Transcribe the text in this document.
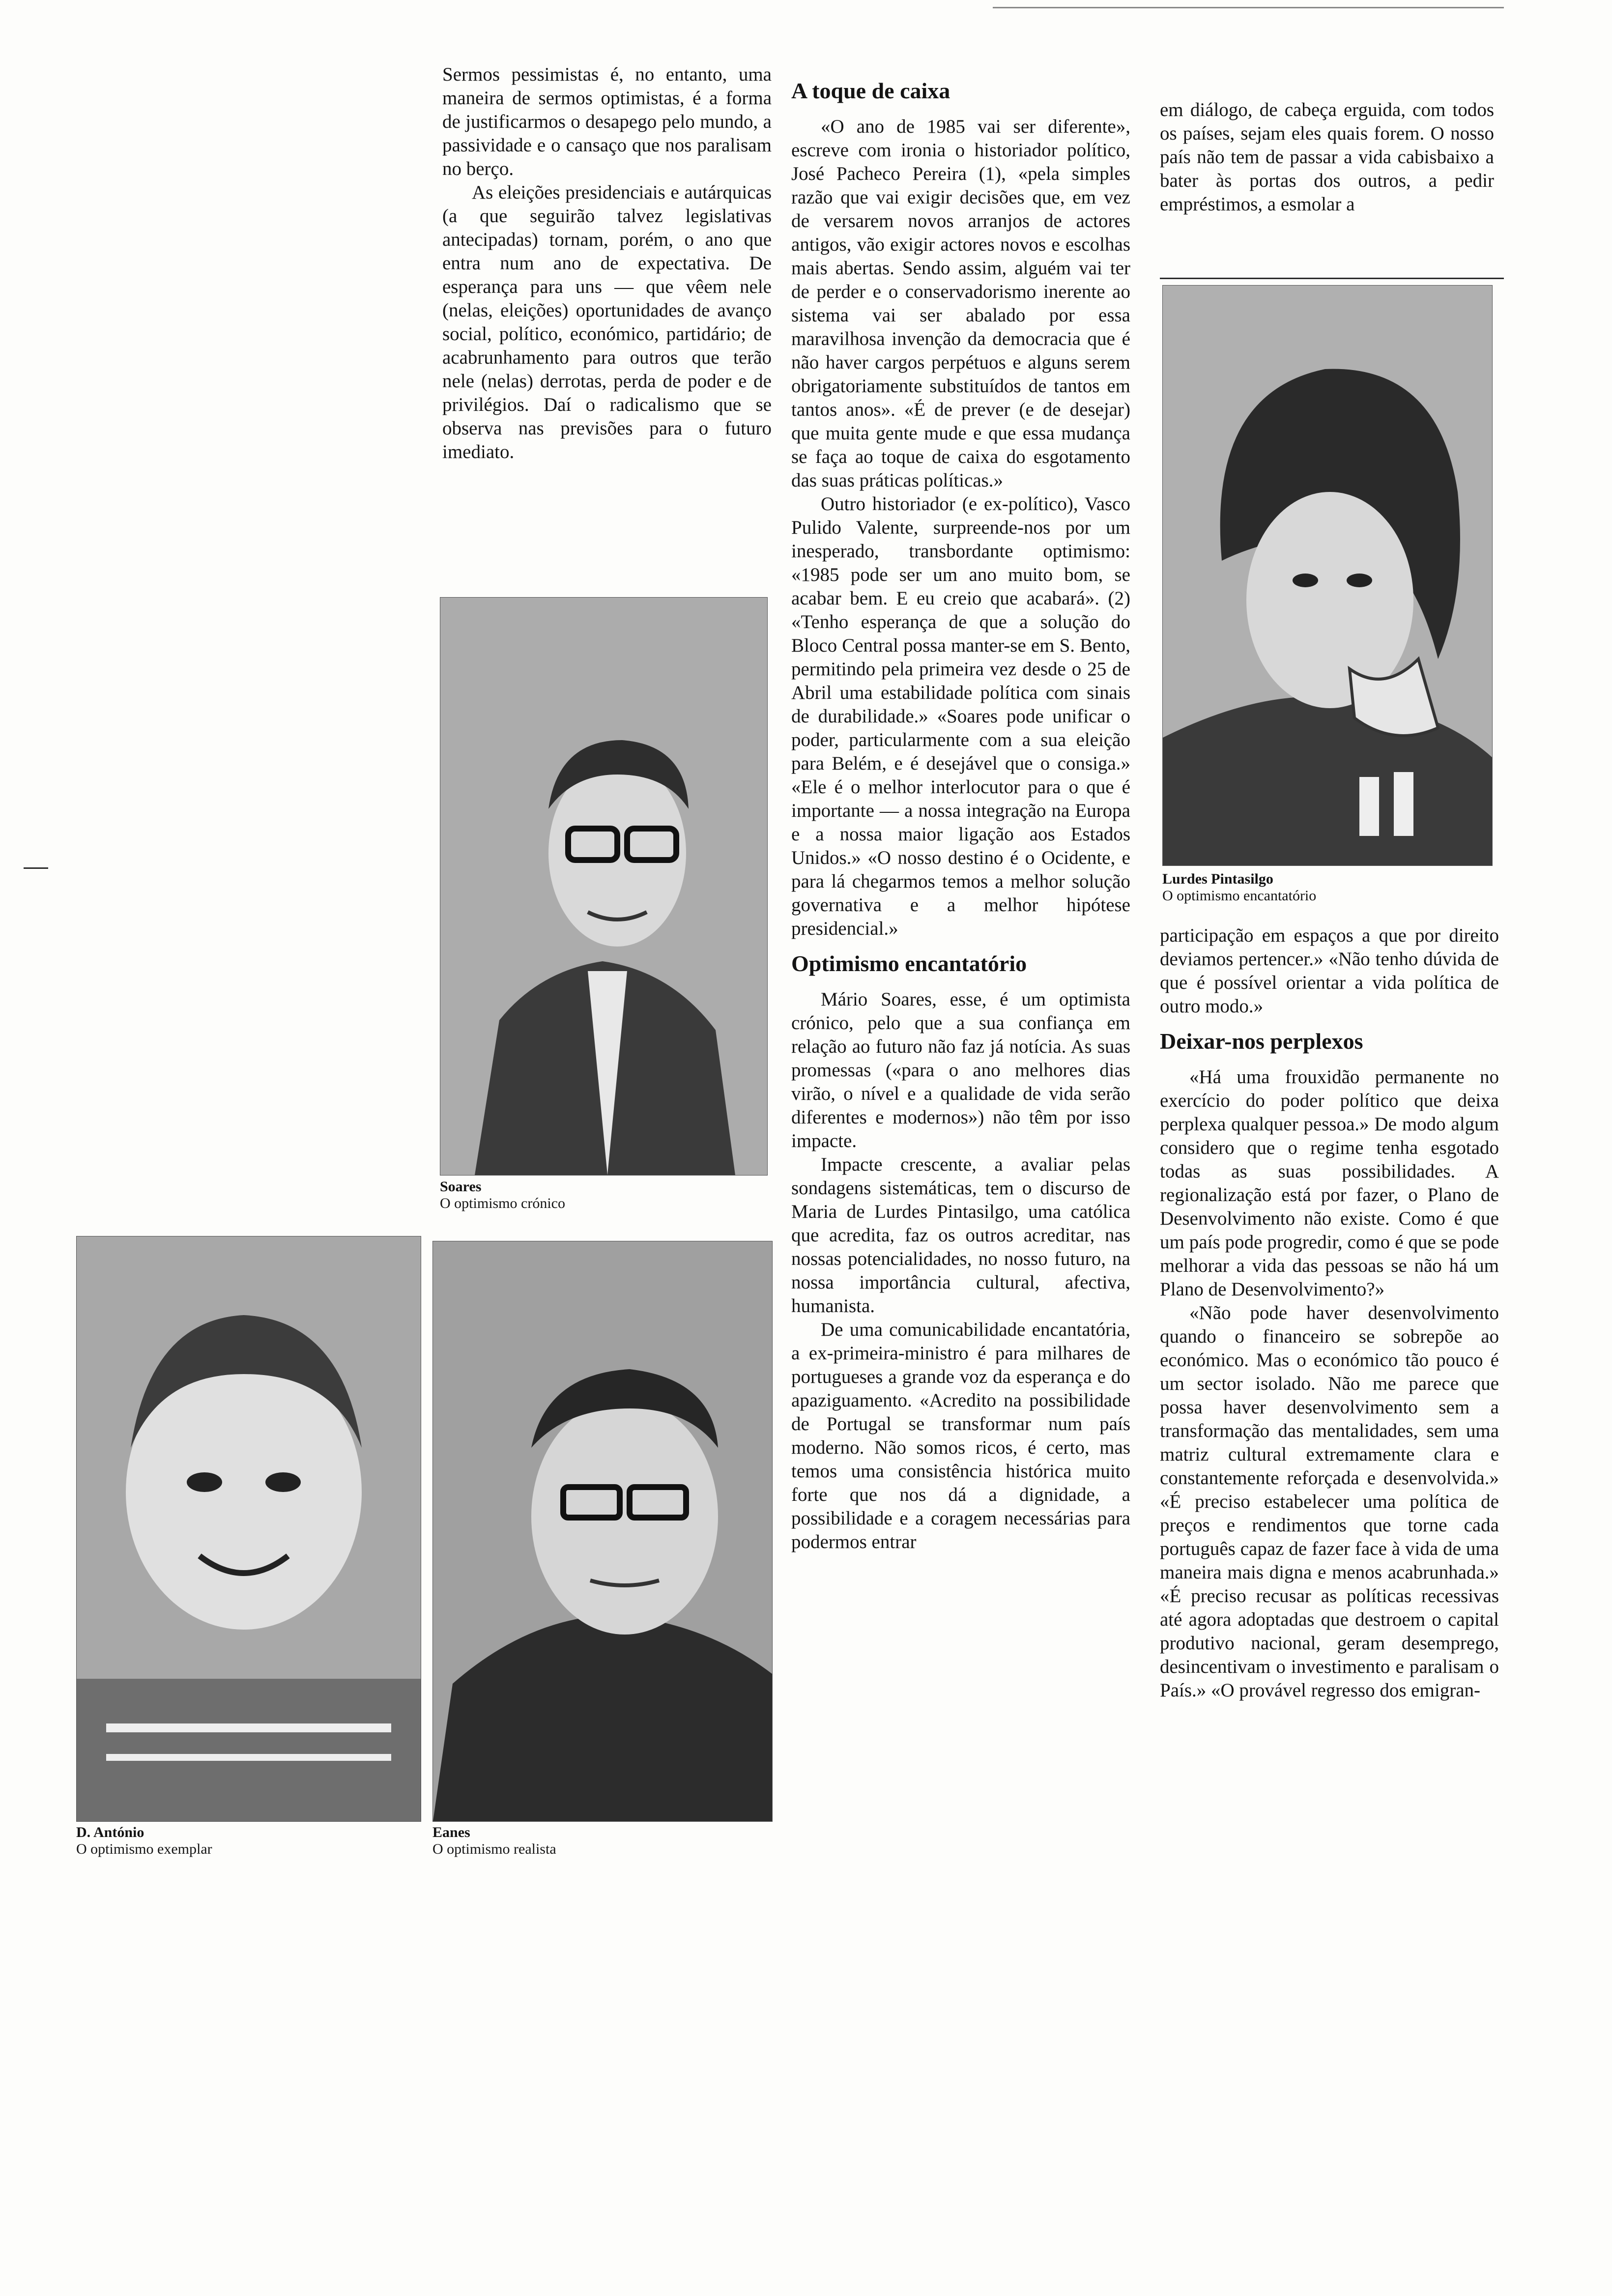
Sermos pessimistas é, no entanto, uma maneira de sermos optimistas, é a forma de justificarmos o desapego pelo mundo, a passividade e o cansaço que nos paralisam no berço.

As eleições presidenciais e autárquicas (a que seguirão talvez legislativas antecipadas) tornam, porém, o ano que entra num ano de expectativa. De esperança para uns — que vêem nele (nelas, eleições) oportunidades de avanço social, político, económico, partidário; de acabrunhamento para outros que terão nele (nelas) derrotas, perda de poder e de privilégios. Daí o radicalismo que se observa nas previsões para o futuro imediato.

Soares
O optimismo crónico
D. António
O optimismo exemplar
Eanes
O optimismo realista
A toque de caixa

«O ano de 1985 vai ser diferente», escreve com ironia o historiador político, José Pacheco Pereira (1), «pela simples razão que vai exigir decisões que, em vez de versarem novos arranjos de actores antigos, vão exigir actores novos e escolhas mais abertas. Sendo assim, alguém vai ter de perder e o conservadorismo inerente ao sistema vai ser abalado por essa maravilhosa invenção da democracia que é não haver cargos perpétuos e alguns serem obrigatoriamente substituídos de tantos em tantos anos». «É de prever (e de desejar) que muita gente mude e que essa mudança se faça ao toque de caixa do esgotamento das suas práticas políticas.»

Outro historiador (e ex-político), Vasco Pulido Valente, surpreende-nos por um inesperado, transbordante optimismo: «1985 pode ser um ano muito bom, se acabar bem. E eu creio que acabará». (2) «Tenho esperança de que a solução do Bloco Central possa manter-se em S. Bento, permitindo pela primeira vez desde o 25 de Abril uma estabilidade política com sinais de durabilidade.» «Soares pode unificar o poder, particularmente com a sua eleição para Belém, e é desejável que o consiga.» «Ele é o melhor interlocutor para o que é importante — a nossa integração na Europa e a nossa maior ligação aos Estados Unidos.» «O nosso destino é o Ocidente, e para lá chegarmos temos a melhor solução governativa e a melhor hipótese presidencial.»

Optimismo encantatório

Mário Soares, esse, é um optimista crónico, pelo que a sua confiança em relação ao futuro não faz já notícia. As suas promessas («para o ano melhores dias virão, o nível e a qualidade de vida serão diferentes e modernos») não têm por isso impacte.

Impacte crescente, a avaliar pelas sondagens sistemáticas, tem o discurso de Maria de Lurdes Pintasilgo, uma católica que acredita, faz os outros acreditar, nas nossas potencialidades, no nosso futuro, na nossa importância cultural, afectiva, humanista.

De uma comunicabilidade encantatória, a ex-primeira-ministro é para milhares de portugueses a grande voz da esperança e do apaziguamento. «Acredito na possibilidade de Portugal se transformar num país moderno. Não somos ricos, é certo, mas temos uma consistência histórica muito forte que nos dá a dignidade, a possibilidade e a coragem necessárias para podermos entrar

em diálogo, de cabeça erguida, com todos os países, sejam eles quais forem. O nosso país não tem de passar a vida cabisbaixo a bater às portas dos outros, a pedir empréstimos, a esmolar a

Lurdes Pintasilgo
O optimismo encantatório

participação em espaços a que por direito deviamos pertencer.» «Não tenho dúvida de que é possível orientar a vida política de outro modo.»

Deixar-nos perplexos

«Há uma frouxidão permanente no exercício do poder político que deixa perplexa qualquer pessoa.» De modo algum considero que o regime tenha esgotado todas as suas possibilidades. A regionalização está por fazer, o Plano de Desenvolvimento não existe. Como é que um país pode progredir, como é que se pode melhorar a vida das pessoas se não há um Plano de Desenvolvimento?»

«Não pode haver desenvolvimento quando o financeiro se sobrepõe ao económico. Mas o económico tão pouco é um sector isolado. Não me parece que possa haver desenvolvimento sem a transformação das mentalidades, sem uma matriz cultural extremamente clara e constantemente reforçada e desenvolvida.» «É preciso estabelecer uma política de preços e rendimentos que torne cada português capaz de fazer face à vida de uma maneira mais digna e menos acabrunhada.» «É preciso recusar as políticas recessivas até agora adoptadas que destroem o capital produtivo nacional, geram desemprego, desincentivam o investimento e paralisam o País.» «O provável regresso dos emigran-
